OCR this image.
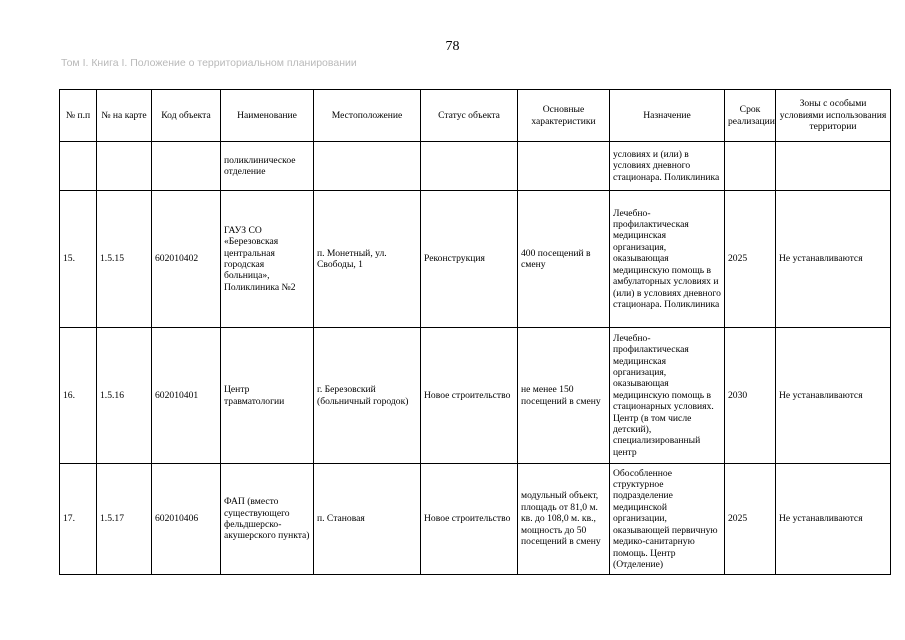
78
Том I. Книга I. Положение о территориальном планировании
№ п.п	№ на карте	Код объекта	Наименование	Местоположение	Статус объекта	Основные характеристики	Назначение	Срок реализации	Зоны с особыми условиями использования территории
			поликлиническое отделение				условиях и (или) в условиях дневного стационара. Поликлиника		
15.	1.5.15	602010402	ГАУЗ СО «Березовская центральная городская больница», Поликлиника №2	п. Монетный, ул. Свободы, 1	Реконструкция	400 посещений в смену	Лечебно-профилактическая медицинская организация, оказывающая медицинскую помощь в амбулаторных условиях и (или) в условиях дневного стационара. Поликлиника	2025	Не устанавливаются
16.	1.5.16	602010401	Центр травматологии	г. Березовский (больничный городок)	Новое строительство	не менее 150 посещений в смену	Лечебно-профилактическая медицинская организация, оказывающая медицинскую помощь в стационарных условиях. Центр (в том числе детский), специализированный центр	2030	Не устанавливаются
17.	1.5.17	602010406	ФАП (вместо существующего фельдшерско-акушерского пункта)	п. Становая	Новое строительство	модульный объект, площадь от 81,0 м. кв. до 108,0 м. кв., мощность до 50 посещений в смену	Обособленное структурное подразделение медицинской организации, оказывающей первичную медико-санитарную помощь. Центр (Отделение)	2025	Не устанавливаются
